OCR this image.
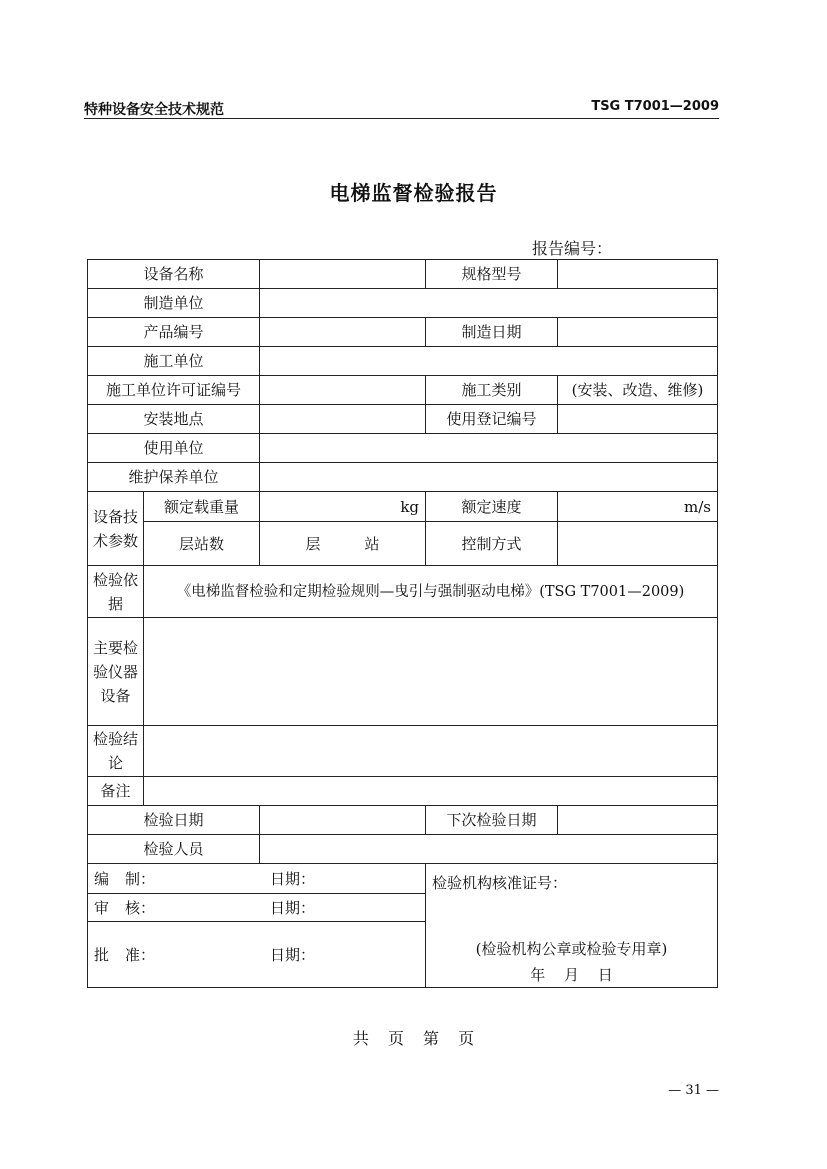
特种设备安全技术规范	TSG T7001—2009
电梯监督检验报告
报告编号：
设备名称			规格型号	
制造单位				
产品编号			制造日期	
施工单位				
施工单位许可证编号			施工类别	(安装、改造、维修)
安装地点			使用登记编号	
使用单位				
维护保养单位				
设备技术参数	额定载重量	kg	额定速度	m/s
	层站数	层 站	控制方式	
检验依据	《电梯监督检验和定期检验规则—曳引与强制驱动电梯》(TSG T7001—2009)			
主要检验仪器设备				
检验结论				
备注				
检验日期			下次检验日期	
检验人员				

编 制： 日期：			检验机构核准证号：
(检验机构公章或检验专用章)
年 月 日	

审 核： 日期：				

批 准： 日期：				
共 页 第 页
— 31 —
